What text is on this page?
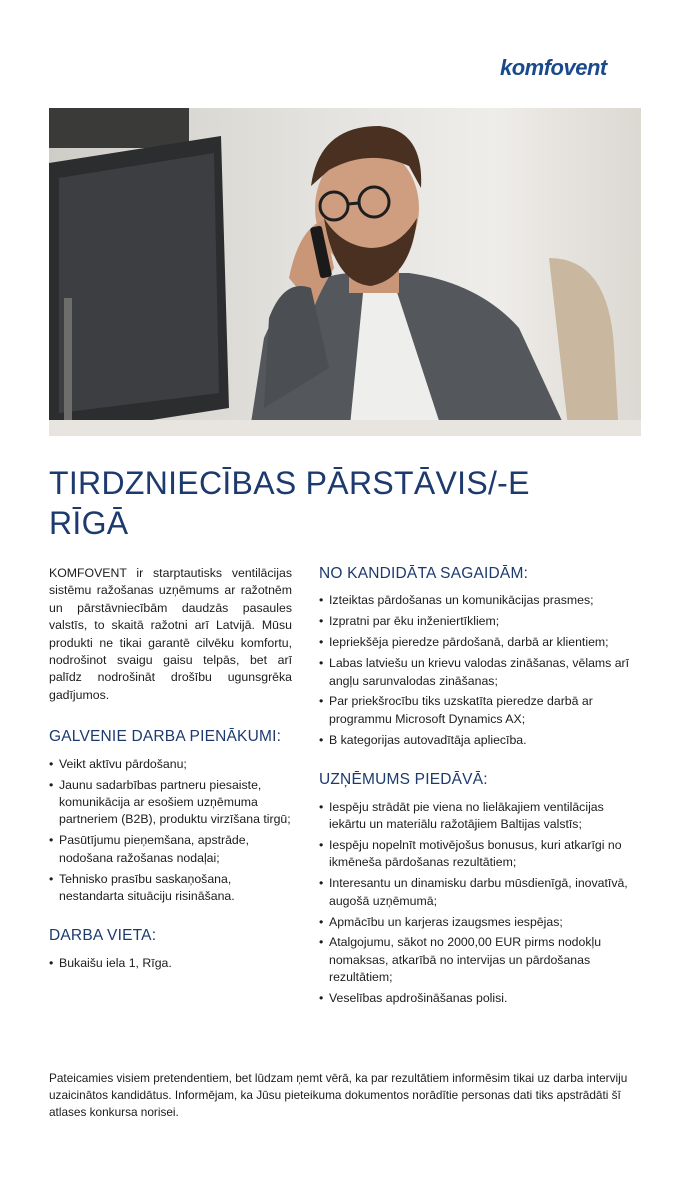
komfovent
TIRDZNIECĪBAS PĀRSTĀVIS/-E
RĪGĀ

KOMFOVENT ir starptautisks ventilācijas sistēmu ražošanas uzņēmums ar ražotnēm un pārstāvniecībām daudzās pasaules valstīs, to skaitā ražotni arī Latvijā. Mūsu produkti ne tikai garantē cilvēku komfortu, nodrošinot svaigu gaisu telpās, bet arī palīdz nodrošināt drošību ugunsgrēka gadījumos.

GALVENIE DARBA PIENĀKUMI:
• Veikt aktīvu pārdošanu;
• Jaunu sadarbības partneru piesaiste, komunikācija ar esošiem uzņēmuma partneriem (B2B), produktu virzīšana tirgū;
• Pasūtījumu pieņemšana, apstrāde, nodošana ražošanas nodaļai;
• Tehnisko prasību saskaņošana, nestandarta situāciju risināšana.
DARBA VIETA:
• Bukaišu iela 1, Rīga.
NO KANDIDĀTA SAGAIDĀM:
• Izteiktas pārdošanas un komunikācijas prasmes;
• Izpratni par ēku inženiertīkliem;
• Iepriekšēja pieredze pārdošanā, darbā ar klientiem;
• Labas latviešu un krievu valodas zināšanas, vēlams arī angļu sarunvalodas zināšanas;
• Par priekšrocību tiks uzskatīta pieredze darbā ar programmu Microsoft Dynamics AX;
• B kategorijas autovadītāja apliecība.
UZŅĒMUMS PIEDĀVĀ:
• Iespēju strādāt pie viena no lielākajiem ventilācijas iekārtu un materiālu ražotājiem Baltijas valstīs;
• Iespēju nopelnīt motivējošus bonusus, kuri atkarīgi no ikmēneša pārdošanas rezultātiem;
• Interesantu un dinamisku darbu mūsdienīgā, inovatīvā, augošā uzņēmumā;
• Apmācību un karjeras izaugsmes iespējas;
• Atalgojumu, sākot no 2000,00 EUR pirms nodokļu nomaksas, atkarībā no intervijas un pārdošanas rezultātiem;
• Veselības apdrošināšanas polisi.
Pateicamies visiem pretendentiem, bet lūdzam ņemt vērā, ka par rezultātiem informēsim tikai uz darba interviju uzaicinātos kandidātus. Informējam, ka Jūsu pieteikuma dokumentos norādītie personas dati tiks apstrādāti šī atlases konkursa norisei.
